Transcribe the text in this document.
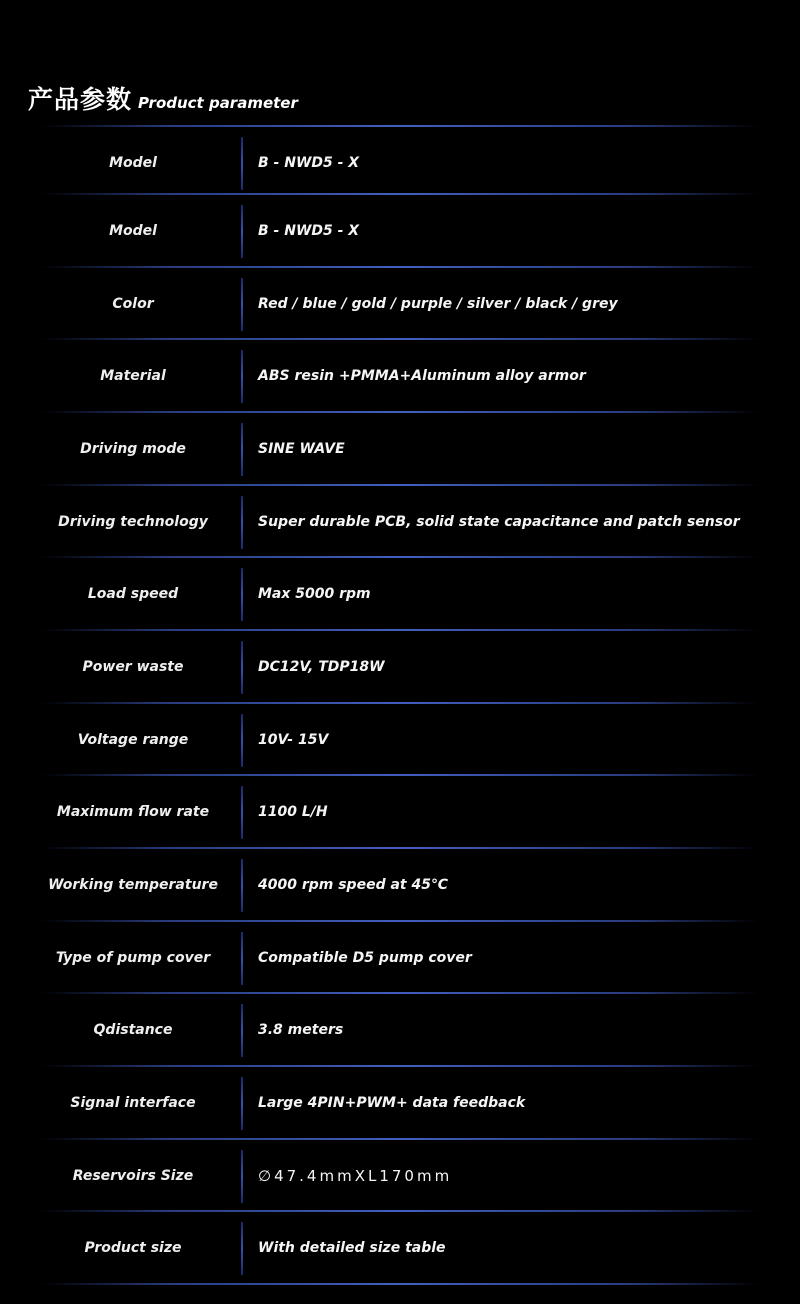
产品参数 Product parameter
Model	B - NWD5 - X
Model	B - NWD5 - X
Color	Red / blue / gold / purple / silver / black / grey
Material	ABS resin +PMMA+Aluminum alloy armor
Driving mode	SINE WAVE
Driving technology	Super durable PCB, solid state capacitance and patch sensor
Load speed	Max 5000 rpm
Power waste	DC12V, TDP18W
Voltage range	10V- 15V
Maximum flow rate	1100 L/H
Working temperature	4000 rpm speed at 45℃
Type of pump cover	Compatible D5 pump cover
Qdistance	3.8 meters
Signal interface	Large 4PIN+PWM+ data feedback
Reservoirs Size	∅47.4mmXL170mm
Product size	With detailed size table
